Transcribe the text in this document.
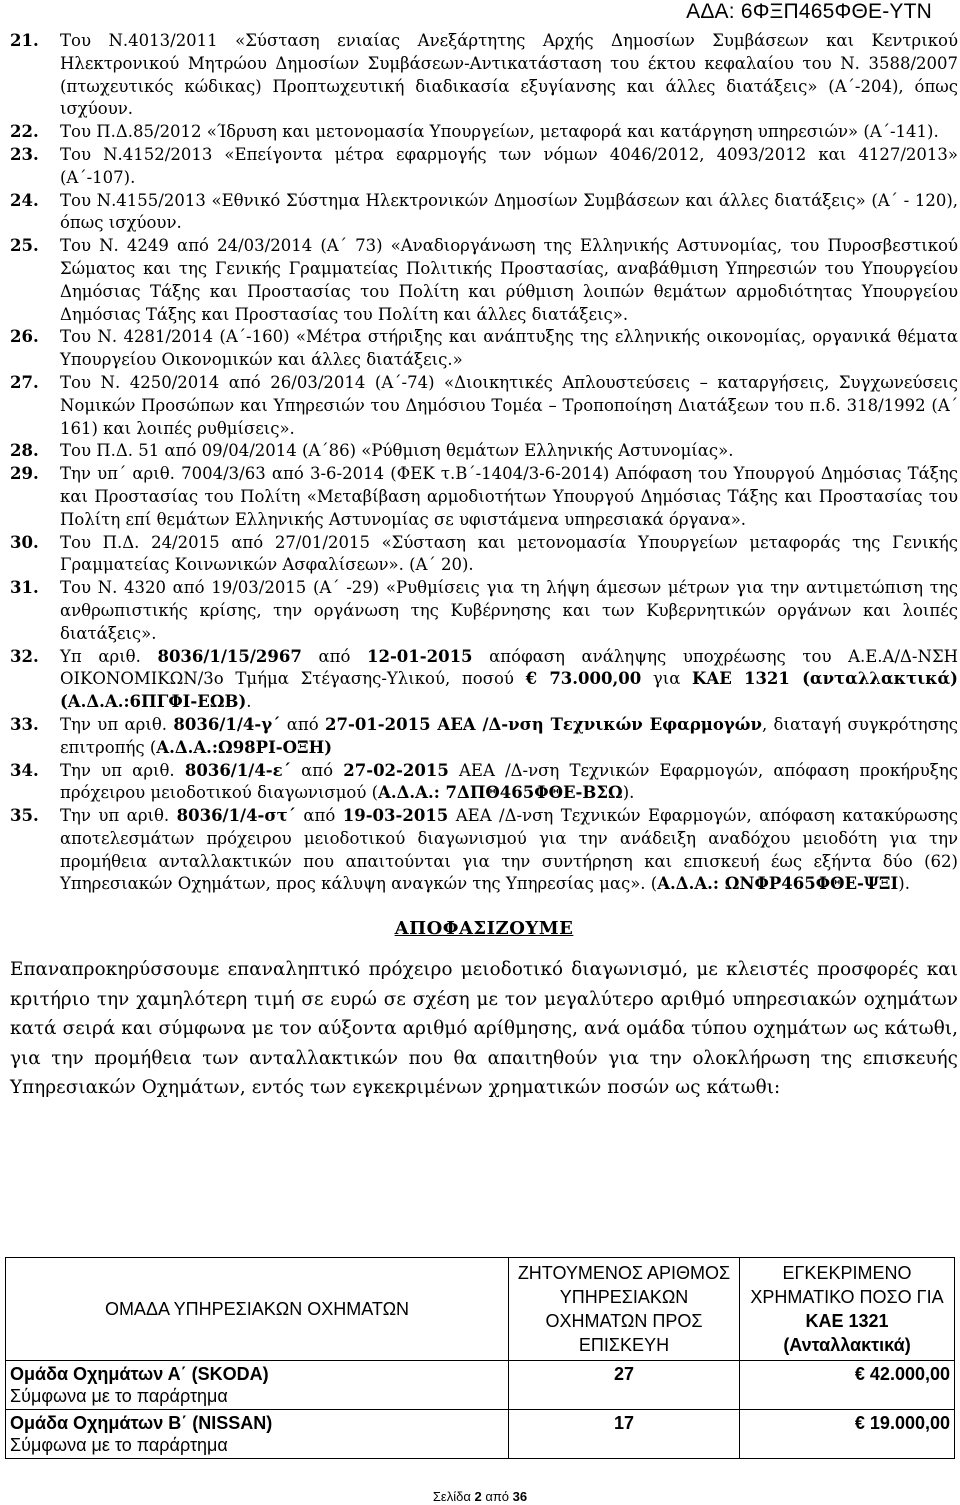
ΑΔΑ: 6ΦΞΠ465ΦΘΕ-ΥΤΝ
21.	Του Ν.4013/2011 «Σύσταση ενιαίας Ανεξάρτητης Αρχής Δημοσίων Συμβάσεων και Κεντρικού Ηλεκτρονικού Μητρώου Δημοσίων Συμβάσεων-Αντικατάσταση του έκτου κεφαλαίου του Ν. 3588/2007 (πτωχευτικός κώδικας) Προπτωχευτική διαδικασία εξυγίανσης και άλλες διατάξεις» (Α΄-204), όπως ισχύουν.
22.	Του Π.Δ.85/2012 «Ίδρυση και μετονομασία Υπουργείων, μεταφορά και κατάργηση υπηρεσιών» (Α΄-141).
23.	Του Ν.4152/2013 «Επείγοντα μέτρα εφαρμογής των νόμων 4046/2012, 4093/2012 και 4127/2013» (Α΄-107).
24.	Του Ν.4155/2013 «Εθνικό Σύστημα Ηλεκτρονικών Δημοσίων Συμβάσεων και άλλες διατάξεις» (Α΄ - 120), όπως ισχύουν.
25.	Του Ν. 4249 από 24/03/2014 (Α΄ 73) «Αναδιοργάνωση της Ελληνικής Αστυνομίας, του Πυροσβεστικού Σώματος και της Γενικής Γραμματείας Πολιτικής Προστασίας, αναβάθμιση Υπηρεσιών του Υπουργείου Δημόσιας Τάξης και Προστασίας του Πολίτη και ρύθμιση λοιπών θεμάτων αρμοδιότητας Υπουργείου Δημόσιας Τάξης και Προστασίας του Πολίτη και άλλες διατάξεις».
26.	Του Ν. 4281/2014 (Α΄-160) «Μέτρα στήριξης και ανάπτυξης της ελληνικής οικονομίας, οργανικά θέματα Υπουργείου Οικονομικών και άλλες διατάξεις.»
27.	Του Ν. 4250/2014 από 26/03/2014 (Α΄-74) «Διοικητικές Απλουστεύσεις – καταργήσεις, Συγχωνεύσεις Νομικών Προσώπων και Υπηρεσιών του Δημόσιου Τομέα – Τροποποίηση Διατάξεων του π.δ. 318/1992 (Α΄ 161) και λοιπές ρυθμίσεις».
28.	Του Π.Δ. 51 από 09/04/2014 (Α΄86) «Ρύθμιση θεμάτων Ελληνικής Αστυνομίας».
29.	Την υπ΄ αριθ. 7004/3/63 από 3-6-2014 (ΦΕΚ τ.Β΄-1404/3-6-2014) Απόφαση του Υπουργού Δημόσιας Τάξης και Προστασίας του Πολίτη «Μεταβίβαση αρμοδιοτήτων Υπουργού Δημόσιας Τάξης και Προστασίας του Πολίτη επί θεμάτων Ελληνικής Αστυνομίας σε υφιστάμενα υπηρεσιακά όργανα».
30.	Του Π.Δ. 24/2015 από 27/01/2015 «Σύσταση και μετονομασία Υπουργείων μεταφοράς της Γενικής Γραμματείας Κοινωνικών Ασφαλίσεων». (Α΄ 20).
31.	Του Ν. 4320 από 19/03/2015 (Α΄ -29) «Ρυθμίσεις για τη λήψη άμεσων μέτρων για την αντιμετώπιση της ανθρωπιστικής κρίσης, την οργάνωση της Κυβέρνησης και των Κυβερνητικών οργάνων και λοιπές διατάξεις».
32.	Υπ αριθ. 8036/1/15/2967 από 12-01-2015 απόφαση ανάληψης υποχρέωσης του Α.Ε.Α/Δ-ΝΣΗ ΟΙΚΟΝΟΜΙΚΩΝ/3ο Τμήμα Στέγασης-Υλικού, ποσού € 73.000,00 για ΚΑΕ 1321 (ανταλλακτικά) (Α.Δ.Α.:6ΠΓΦΙ-ΕΩΒ).
33.	Την υπ αριθ. 8036/1/4-γ΄ από 27-01-2015 ΑΕΑ /Δ-νση Τεχνικών Εφαρμογών, διαταγή συγκρότησης επιτροπής (Α.Δ.Α.:Ω98ΡΙ-ΟΞΗ)
34.	Την υπ αριθ. 8036/1/4-ε΄ από 27-02-2015 ΑΕΑ /Δ-νση Τεχνικών Εφαρμογών, απόφαση προκήρυξης πρόχειρου μειοδοτικού διαγωνισμού (Α.Δ.Α.: 7ΔΠΘ465ΦΘΕ-ΒΣΩ).
35.	Την υπ αριθ. 8036/1/4-στ΄ από 19-03-2015 ΑΕΑ /Δ-νση Τεχνικών Εφαρμογών, απόφαση κατακύρωσης αποτελεσμάτων πρόχειρου μειοδοτικού διαγωνισμού για την ανάδειξη αναδόχου μειοδότη για την προμήθεια ανταλλακτικών που απαιτούνται για την συντήρηση και επισκευή έως εξήντα δύο (62) Υπηρεσιακών Οχημάτων, προς κάλυψη αναγκών της Υπηρεσίας μας». (Α.Δ.Α.: ΩΝΦΡ465ΦΘΕ-ΨΞΙ).
ΑΠΟΦΑΣΙΖΟΥΜΕ

Επαναπροκηρύσσουμε επαναληπτικό πρόχειρο μειοδοτικό διαγωνισμό, με κλειστές προσφορές και κριτήριο την χαμηλότερη τιμή σε ευρώ σε σχέση με τον μεγαλύτερο αριθμό υπηρεσιακών οχημάτων κατά σειρά και σύμφωνα με τον αύξοντα αριθμό αρίθμησης, ανά ομάδα τύπου οχημάτων ως κάτωθι, για την προμήθεια των ανταλλακτικών που θα απαιτηθούν για την ολοκλήρωση της επισκευής Υπηρεσιακών Οχημάτων, εντός των εγκεκριμένων χρηματικών ποσών ως κάτωθι:

ΟΜΑΔΑ ΥΠΗΡΕΣΙΑΚΩΝ ΟΧΗΜΑΤΩΝ	ΖΗΤΟΥΜΕΝΟΣ ΑΡΙΘΜΟΣ ΥΠΗΡΕΣΙΑΚΩΝ ΟΧΗΜΑΤΩΝ ΠΡΟΣ ΕΠΙΣΚΕΥΗ	ΕΓΚΕΚΡΙΜΕΝΟ ΧΡΗΜΑΤΙΚΟ ΠΟΣΟ ΓΙΑ
ΚΑΕ 1321 (Ανταλλακτικά)

Ομάδα Οχημάτων Α΄ (SKODA)
Σύμφωνα με το παράρτημα	27	€ 42.000,00

Ομάδα Οχημάτων Β΄ (NISSAN)
Σύμφωνα με το παράρτημα	17	€ 19.000,00
Σελίδα 2 από 36
